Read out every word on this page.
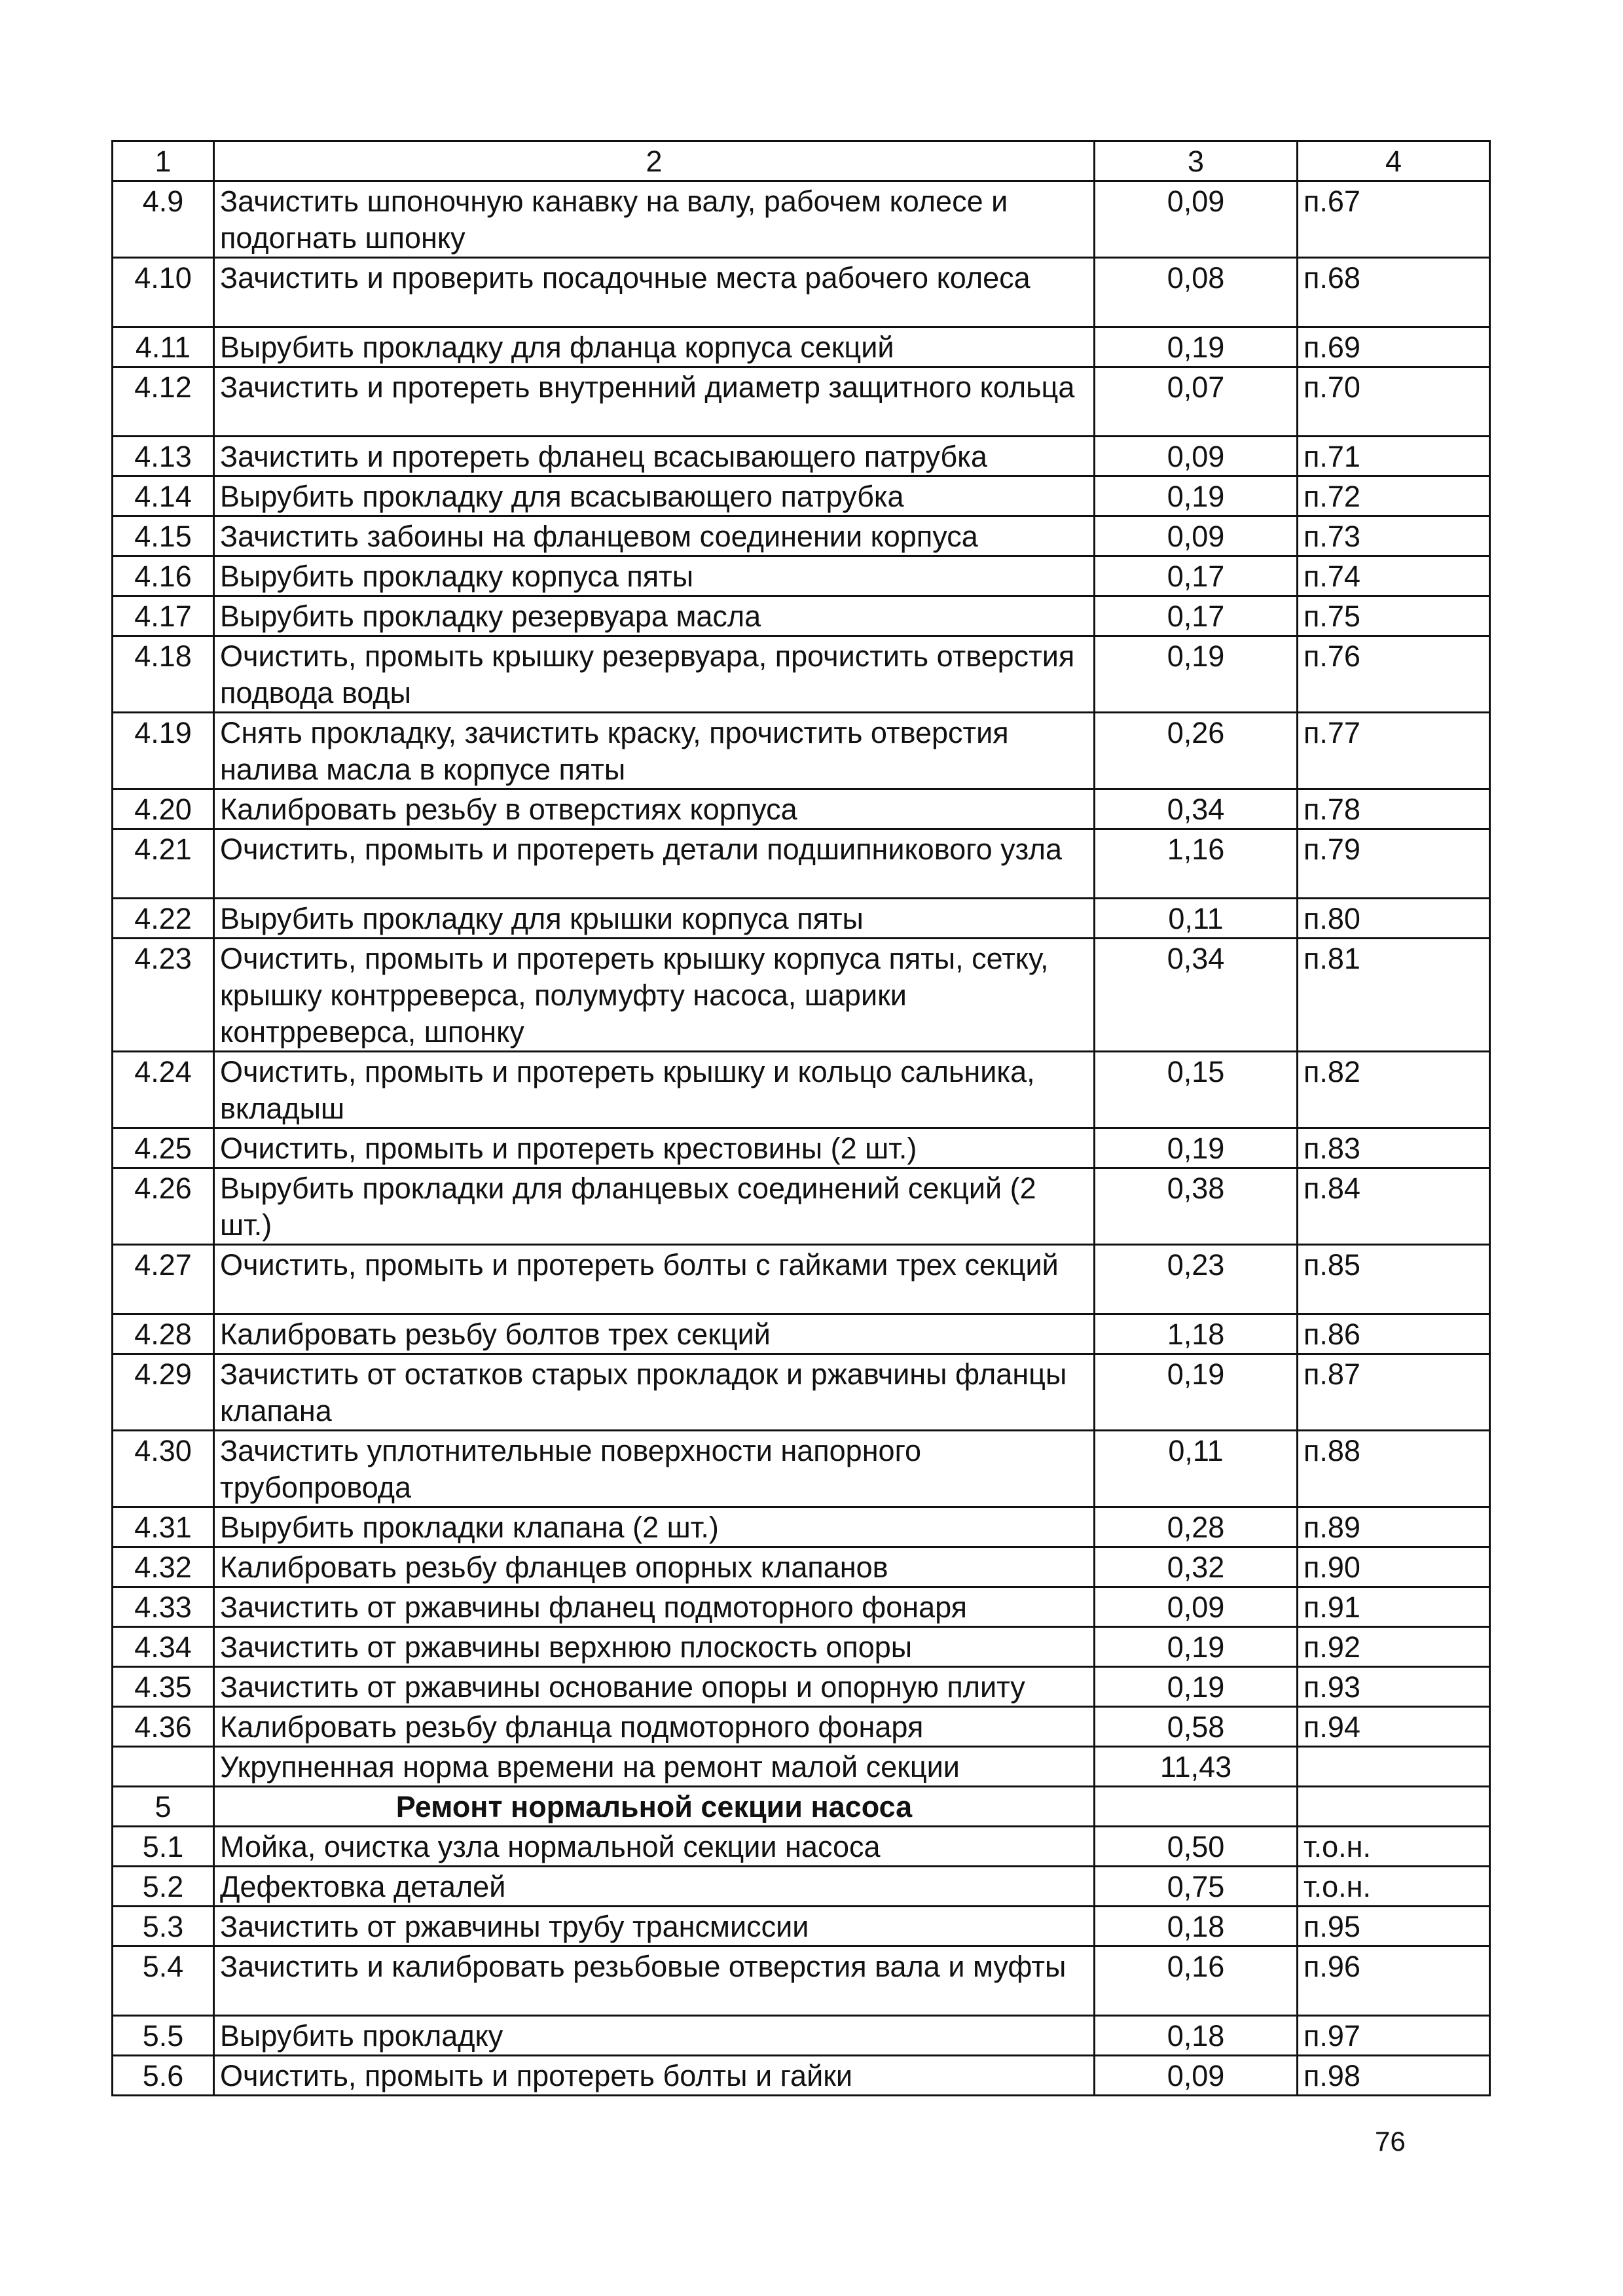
1	2	3	4
4.9	Зачистить шпоночную канавку на валу, рабочем колесе и подогнать шпонку	0,09	п.67
4.10	Зачистить и проверить посадочные места рабочего колеса	0,08	п.68
4.11	Вырубить прокладку для фланца корпуса секций	0,19	п.69
4.12	Зачистить и протереть внутренний диаметр защитного кольца	0,07	п.70
4.13	Зачистить и протереть фланец всасывающего патрубка	0,09	п.71
4.14	Вырубить прокладку для всасывающего патрубка	0,19	п.72
4.15	Зачистить забоины на фланцевом соединении корпуса	0,09	п.73
4.16	Вырубить прокладку корпуса пяты	0,17	п.74
4.17	Вырубить прокладку резервуара масла	0,17	п.75
4.18	Очистить, промыть крышку резервуара, прочистить отверстия подвода воды	0,19	п.76
4.19	Снять прокладку, зачистить краску, прочистить отверстия налива масла в корпусе пяты	0,26	п.77
4.20	Калибровать резьбу в отверстиях корпуса	0,34	п.78
4.21	Очистить, промыть и протереть детали подшипникового узла	1,16	п.79
4.22	Вырубить прокладку для крышки корпуса пяты	0,11	п.80
4.23	Очистить, промыть и протереть крышку корпуса пяты, сетку, крышку контрреверса, полумуфту насоса, шарики контрреверса, шпонку	0,34	п.81
4.24	Очистить, промыть и протереть крышку и кольцо сальника, вкладыш	0,15	п.82
4.25	Очистить, промыть и протереть крестовины (2 шт.)	0,19	п.83
4.26	Вырубить прокладки для фланцевых соединений секций (2 шт.)	0,38	п.84
4.27	Очистить, промыть и протереть болты с гайками трех секций	0,23	п.85
4.28	Калибровать резьбу болтов трех секций	1,18	п.86
4.29	Зачистить от остатков старых прокладок и ржавчины фланцы клапана	0,19	п.87
4.30	Зачистить уплотнительные поверхности напорного трубопровода	0,11	п.88
4.31	Вырубить прокладки клапана (2 шт.)	0,28	п.89
4.32	Калибровать резьбу фланцев опорных клапанов	0,32	п.90
4.33	Зачистить от ржавчины фланец подмоторного фонаря	0,09	п.91
4.34	Зачистить от ржавчины верхнюю плоскость опоры	0,19	п.92
4.35	Зачистить от ржавчины основание опоры и опорную плиту	0,19	п.93
4.36	Калибровать резьбу фланца подмоторного фонаря	0,58	п.94
	Укрупненная норма времени на ремонт малой секции	11,43	
5	Ремонт нормальной секции насоса		
5.1	Мойка, очистка узла нормальной секции насоса	0,50	т.о.н.
5.2	Дефектовка деталей	0,75	т.о.н.
5.3	Зачистить от ржавчины трубу трансмиссии	0,18	п.95
5.4	Зачистить и калибровать резьбовые отверстия вала и муфты	0,16	п.96
5.5	Вырубить прокладку	0,18	п.97
5.6	Очистить, промыть и протереть болты и гайки	0,09	п.98
76
